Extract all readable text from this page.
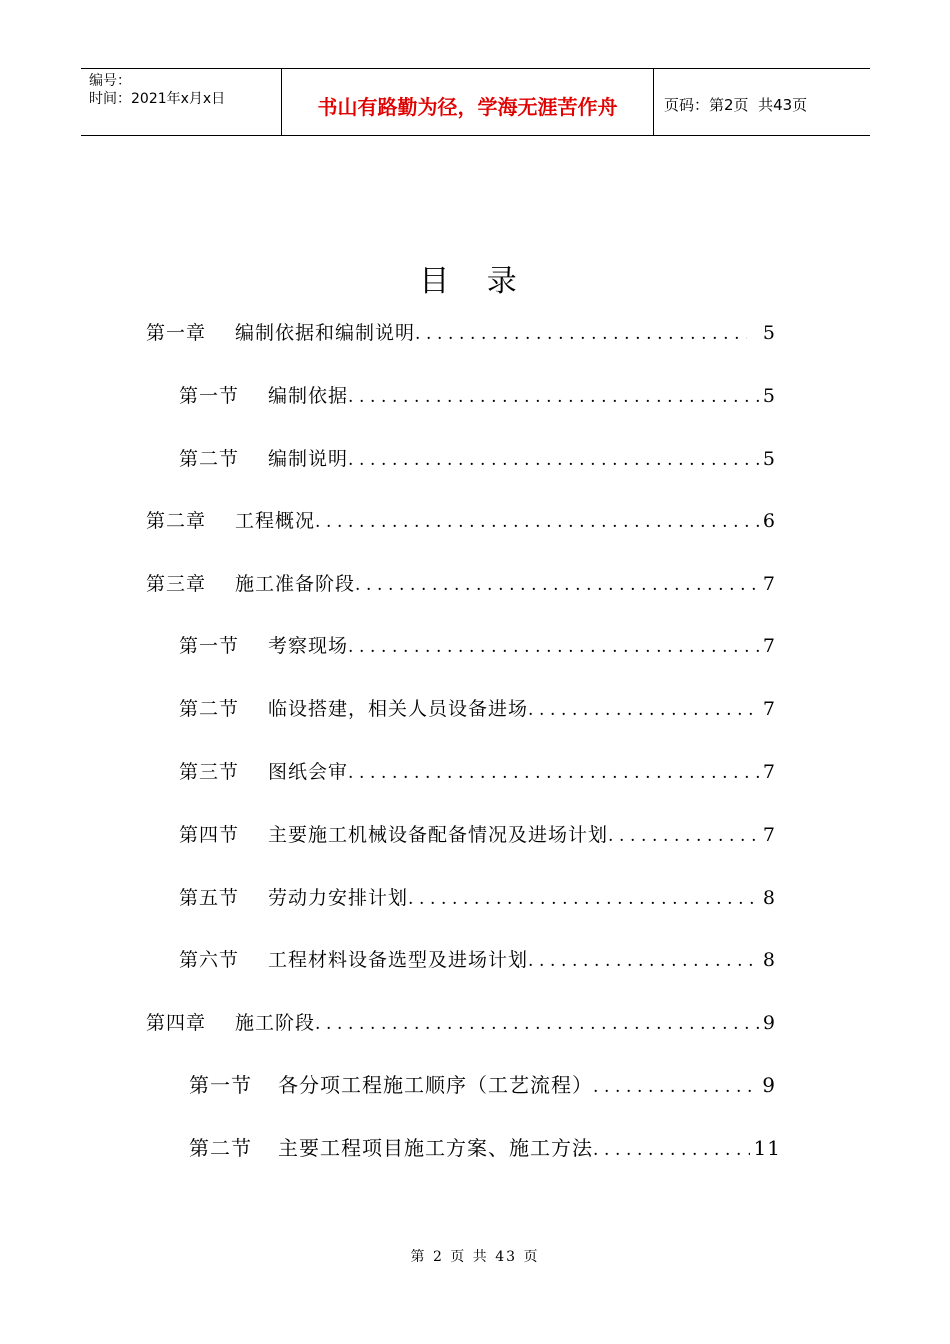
编号：
时间：2021年x月x日	书山有路勤为径，学海无涯苦作舟	页码：第2页  共43页
目 录
第一章	编制依据和编制说明 .....	5
第一节	编制依据 .....	5
第二节	编制说明 .....	5
第二章	工程概况 .....	6
第三章	施工准备阶段 .....	7
第一节	考察现场 .....	7
第二节	临设搭建，相关人员设备进场 .....	7
第三节	图纸会审 .....	7
第四节	主要施工机械设备配备情况及进场计划 .....	7
第五节	劳动力安排计划 .....	8
第六节	工程材料设备选型及进场计划 .....	8
第四章	施工阶段 .....	9
第一节	各分项工程施工顺序（工艺流程） .....	9
第二节	主要工程项目施工方案、施工方法 .....	11
第 2 页 共 43 页
